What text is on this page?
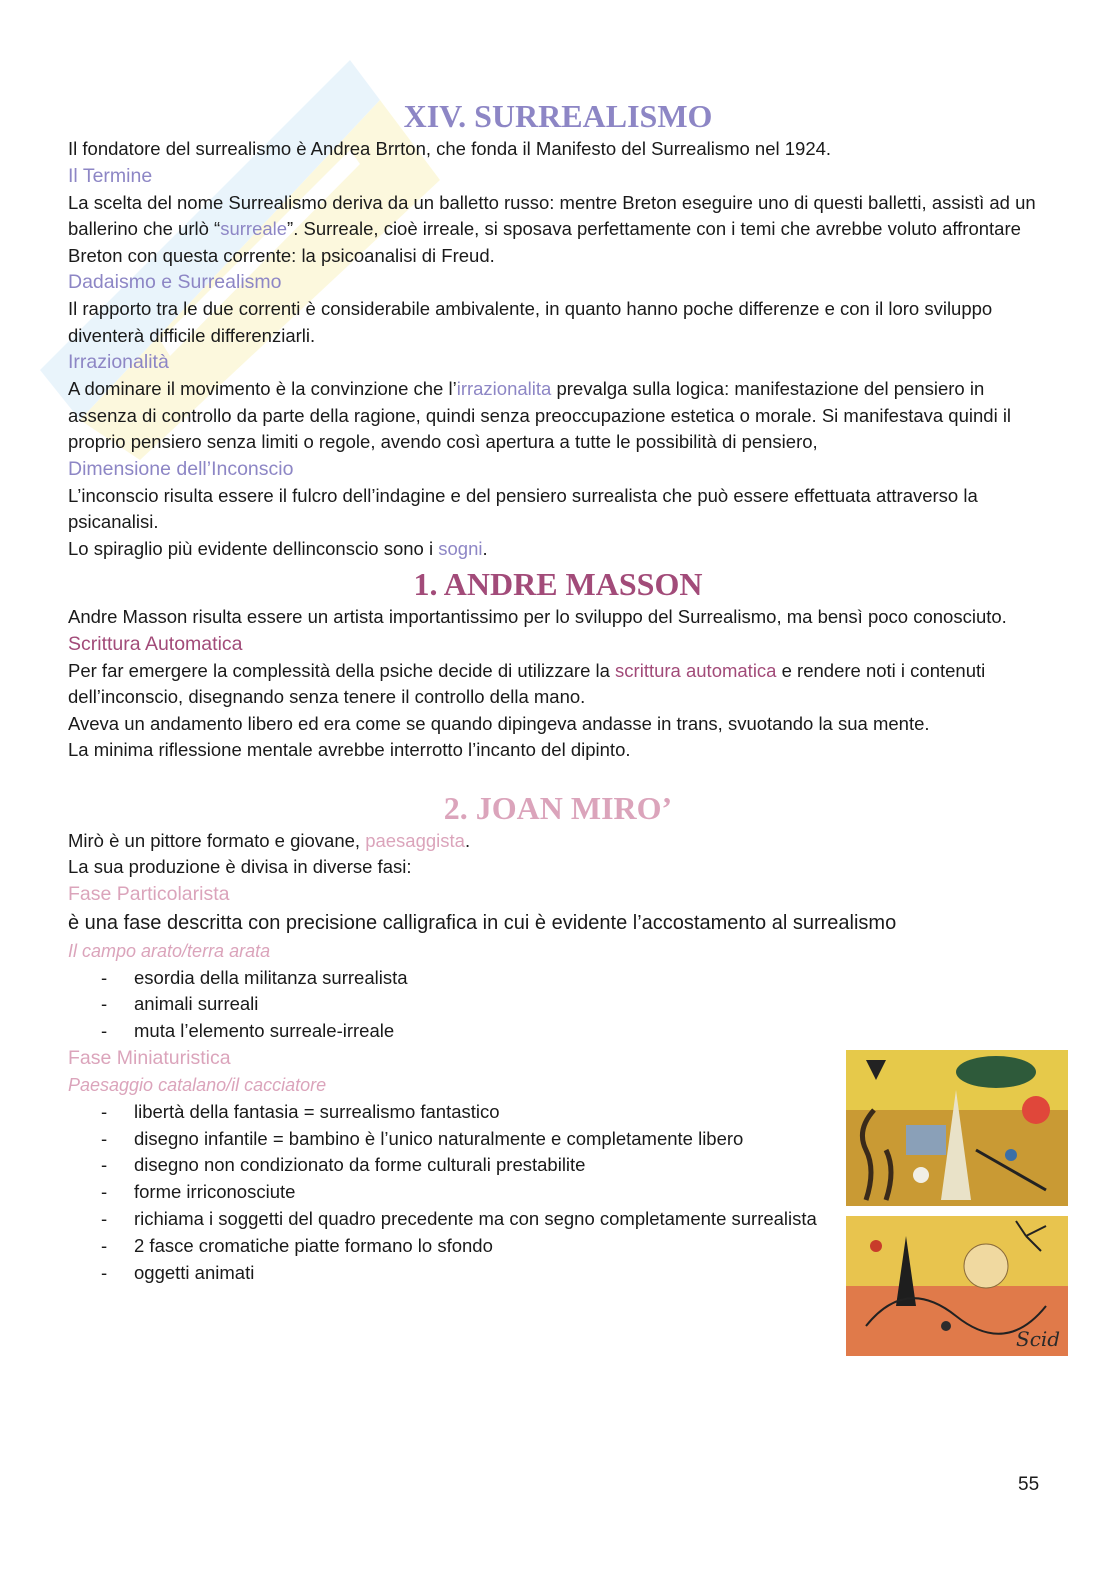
XIV. SURREALISMO

Il fondatore del surrealismo è Andrea Brrton, che fonda il Manifesto del Surrealismo nel 1924.

Il Termine

La scelta del nome Surrealismo deriva da un balletto russo: mentre Breton eseguire uno di questi balletti, assistì ad un ballerino che urlò “surreale”. Surreale, cioè irreale, si sposava perfettamente con i temi che avrebbe voluto affrontare Breton con questa corrente: la psicoanalisi di Freud.

Dadaismo e Surrealismo

Il rapporto tra le due correnti è considerabile ambivalente, in quanto hanno poche differenze e con il loro sviluppo diventerà difficile differenziarli.

Irrazionalità

A dominare il movimento è la convinzione che l’irrazionalita prevalga sulla logica: manifestazione del pensiero in assenza di controllo da parte della ragione, quindi senza preoccupazione estetica o morale. Si manifestava quindi il proprio pensiero senza limiti o regole, avendo così apertura a tutte le possibilità di pensiero,

Dimensione dell’Inconscio

L’inconscio risulta essere il fulcro dell’indagine e del pensiero surrealista che può essere effettuata attraverso la psicanalisi.

Lo spiraglio più evidente dellinconscio sono i sogni.

1. ANDRE MASSON

Andre Masson risulta essere un artista importantissimo per lo sviluppo del Surrealismo, ma bensì poco conosciuto.

Scrittura Automatica

Per far emergere la complessità della psiche decide di utilizzare la scrittura automatica e rendere noti i contenuti dell’inconscio, disegnando senza tenere il controllo della mano.

Aveva un andamento libero ed era come se quando dipingeva andasse in trans, svuotando la sua mente.

La minima riflessione mentale avrebbe interrotto l’incanto del dipinto.

2. JOAN MIRO’

Mirò è un pittore formato e giovane, paesaggista.

La sua produzione è divisa in diverse fasi:

Fase Particolarista

è una fase descritta con precisione calligrafica in cui è evidente l’accostamento al surrealismo

Il campo arato/terra arata
- esordia della militanza surrealista
- animali surreali
- muta l’elemento surreale-irreale
Fase Miniaturistica
Paesaggio catalano/il cacciatore
- libertà della fantasia = surrealismo fantastico
- disegno infantile = bambino è l’unico naturalmente e completamente libero
- disegno non condizionato da forme culturali prestabilite
- forme irriconosciute
- richiama i soggetti del quadro precedente ma con segno completamente surrealista
- 2 fasce cromatiche piatte formano lo sfondo
- oggetti animati
Scid
55
